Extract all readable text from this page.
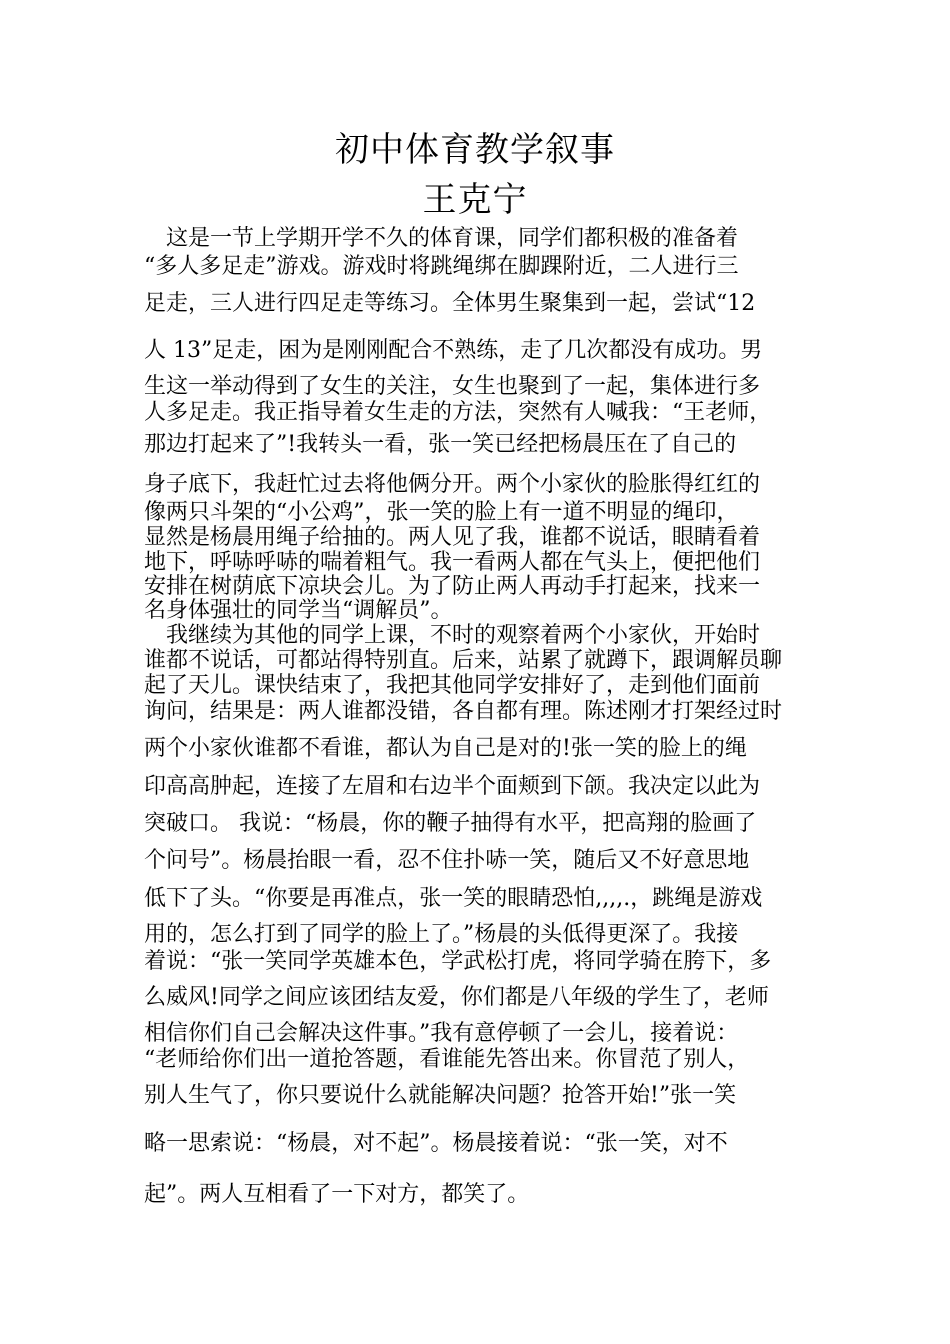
初中体育教学叙事
王克宁
　这是一节上学期开学不久的体育课，同学们都积极的准备着
“多人多足走”游戏。游戏时将跳绳绑在脚踝附近，二人进行三
足走，三人进行四足走等练习。全体男生聚集到一起，尝试“12
人 13”足走，困为是刚刚配合不熟练，走了几次都没有成功。男
生这一举动得到了女生的关注，女生也聚到了一起，集体进行多
人多足走。我正指导着女生走的方法，突然有人喊我：“王老师，
那边打起来了”!我转头一看，张一笑已经把杨晨压在了自己的
身子底下，我赶忙过去将他俩分开。两个小家伙的脸胀得红红的
像两只斗架的“小公鸡”，张一笑的脸上有一道不明显的绳印，
显然是杨晨用绳子给抽的。两人见了我，谁都不说话，眼睛看着
地下，呼哧呼哧的喘着粗气。我一看两人都在气头上，便把他们
安排在树荫底下凉块会儿。为了防止两人再动手打起来，找来一
名身体强壮的同学当“调解员”。
　我继续为其他的同学上课，不时的观察着两个小家伙，开始时
谁都不说话，可都站得特别直。后来，站累了就蹲下，跟调解员聊
起了天儿。课快结束了，我把其他同学安排好了，走到他们面前
询问，结果是：两人谁都没错，各自都有理。陈述刚才打架经过时
两个小家伙谁都不看谁，都认为自己是对的!张一笑的脸上的绳
印高高肿起，连接了左眉和右边半个面颊到下颌。我决定以此为
突破口。 我说：“杨晨，你的鞭子抽得有水平，把高翔的脸画了
个问号”。杨晨抬眼一看，忍不住扑哧一笑，随后又不好意思地
低下了头。“你要是再准点，张一笑的眼睛恐怕,,,,.，跳绳是游戏
用的，怎么打到了同学的脸上了。”杨晨的头低得更深了。我接
着说：“张一笑同学英雄本色，学武松打虎，将同学骑在胯下，多
么威风!同学之间应该团结友爱，你们都是八年级的学生了，老师
相信你们自己会解决这件事。”我有意停顿了一会儿，接着说：
“老师给你们出一道抢答题，看谁能先答出来。你冒范了别人，
别人生气了，你只要说什么就能解决问题？抢答开始!”张一笑
略一思索说：“杨晨，对不起”。杨晨接着说：“张一笑，对不
起”。两人互相看了一下对方，都笑了。
